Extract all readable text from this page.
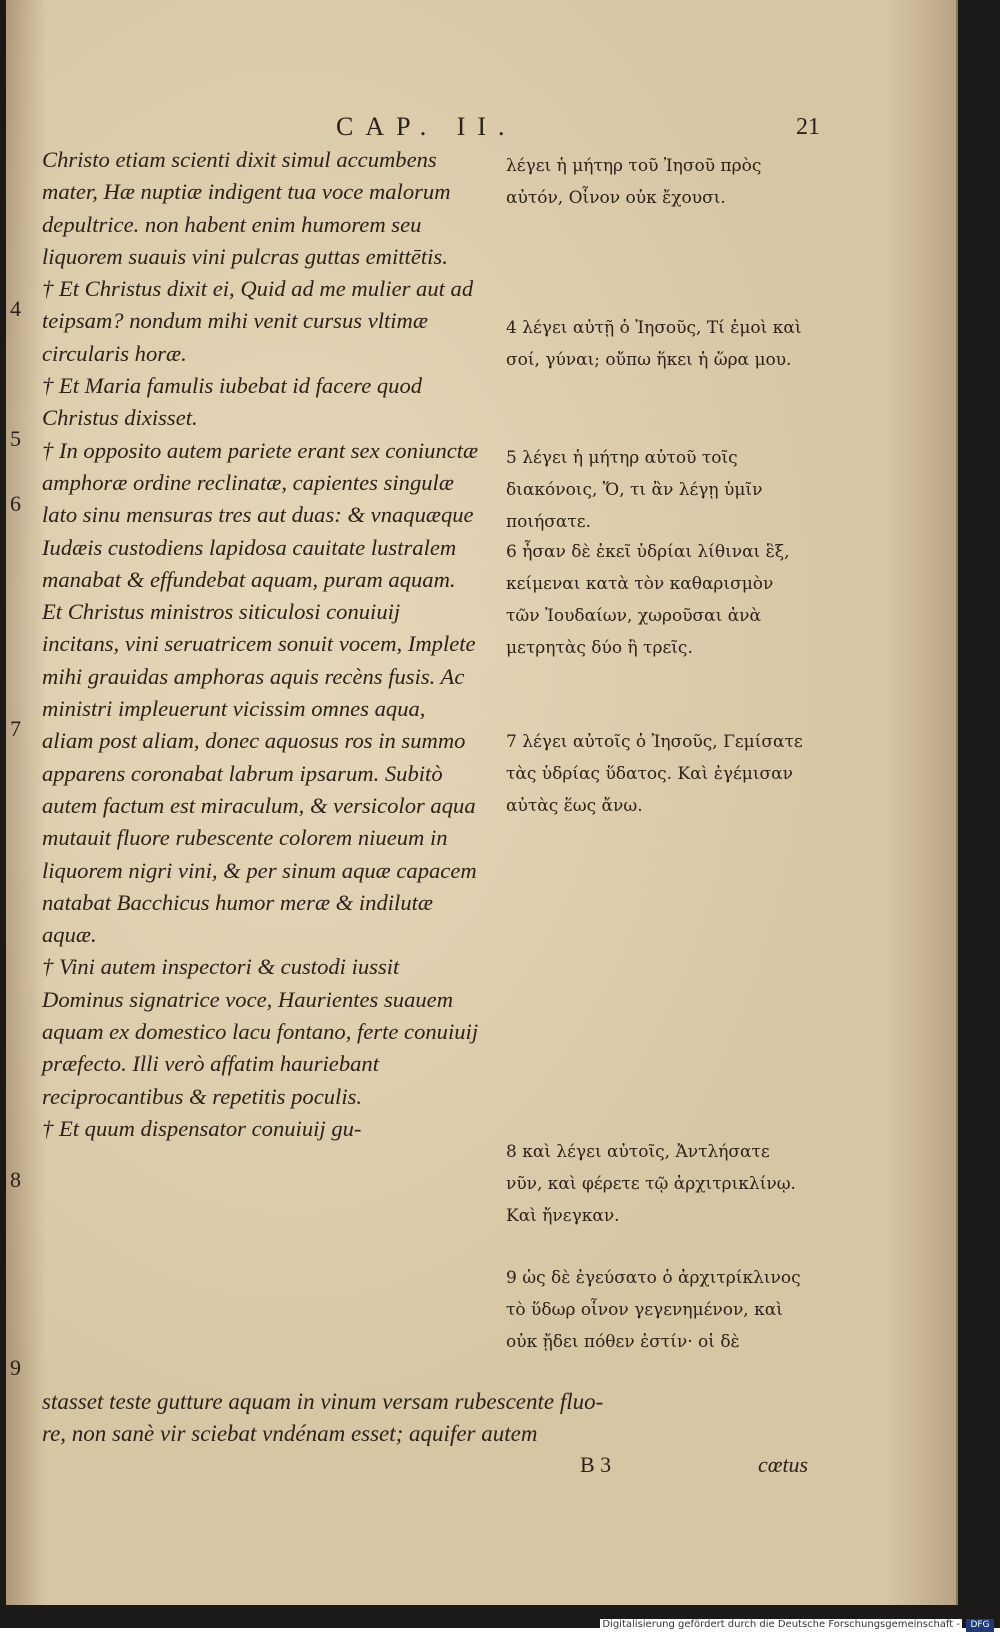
CAP. II.	21
4
5
6
7
8
9

Christo etiam scienti dixit simul accumbens mater, Hæ nuptiæ indigent tua voce malorum depultrice. non habent enim humorem seu liquorem suauis vini pulcras guttas emittētis.

† Et Christus dixit ei, Quid ad me mulier aut ad teipsam? nondum mihi venit cursus vltimæ circularis horæ.

† Et Maria famulis iubebat id facere quod Christus dixisset.

† In opposito autem pariete erant sex coniunctæ amphoræ ordine reclinatæ, capientes singulæ lato sinu mensuras tres aut duas: & vnaquæque Iudæis custodiens lapidosa cauitate lustralem manabat & effundebat aquam, puram aquam.

Et Christus ministros siticulosi conuiuij incitans, vini seruatricem sonuit vocem, Implete mihi grauidas amphoras aquis recèns fusis. Ac ministri impleuerunt vicissim omnes aqua, aliam post aliam, donec aquosus ros in summo apparens coronabat labrum ipsarum. Subitò autem factum est miraculum, & versicolor aqua mutauit fluore rubescente colorem niueum in liquorem nigri vini, & per sinum aquæ capacem natabat Bacchicus humor meræ & indilutæ aquæ.

† Vini autem inspectori & custodi iussit Dominus signatrice voce, Haurientes suauem aquam ex domestico lacu fontano, ferte conuiuij præfecto. Illi verò affatim hauriebant reciprocantibus & repetitis poculis.

† Et quum dispensator conuiuij gu-

λέγει ἡ μήτηρ τοῦ Ἰησοῦ πρὸς αὐτόν, Οἶνον οὐκ ἔχουσι.

4 λέγει αὐτῇ ὁ Ἰησοῦς, Τί ἐμοὶ καὶ σοί, γύναι; οὔπω ἥκει ἡ ὥρα μου.

5 λέγει ἡ μήτηρ αὐτοῦ τοῖς διακόνοις, Ὅ, τι ἂν λέγῃ ὑμῖν ποιήσατε.

6 ἦσαν δὲ ἐκεῖ ὑδρίαι λίθιναι ἓξ, κείμεναι κατὰ τὸν καθαρισμὸν τῶν Ἰουδαίων, χωροῦσαι ἀνὰ μετρητὰς δύο ἢ τρεῖς.

7 λέγει αὐτοῖς ὁ Ἰησοῦς, Γεμίσατε τὰς ὑδρίας ὕδατος. Καὶ ἐγέμισαν αὐτὰς ἕως ἄνω.

8 καὶ λέγει αὐτοῖς, Ἀντλήσατε νῦν, καὶ φέρετε τῷ ἀρχιτρικλίνῳ. Καὶ ἤνεγκαν.

9 ὡς δὲ ἐγεύσατο ὁ ἀρχιτρίκλινος τὸ ὕδωρ οἶνον γεγενημένον, καὶ οὐκ ᾔδει πόθεν ἐστίν· οἱ δὲ

stasset teste gutture aquam in vinum versam rubescente fluo-

re, non sanè vir sciebat vndénam esset; aquifer autem

B 3	cœtus
Digitalisierung gefördert durch die Deutsche Forschungsgemeinschaft -	DFG
